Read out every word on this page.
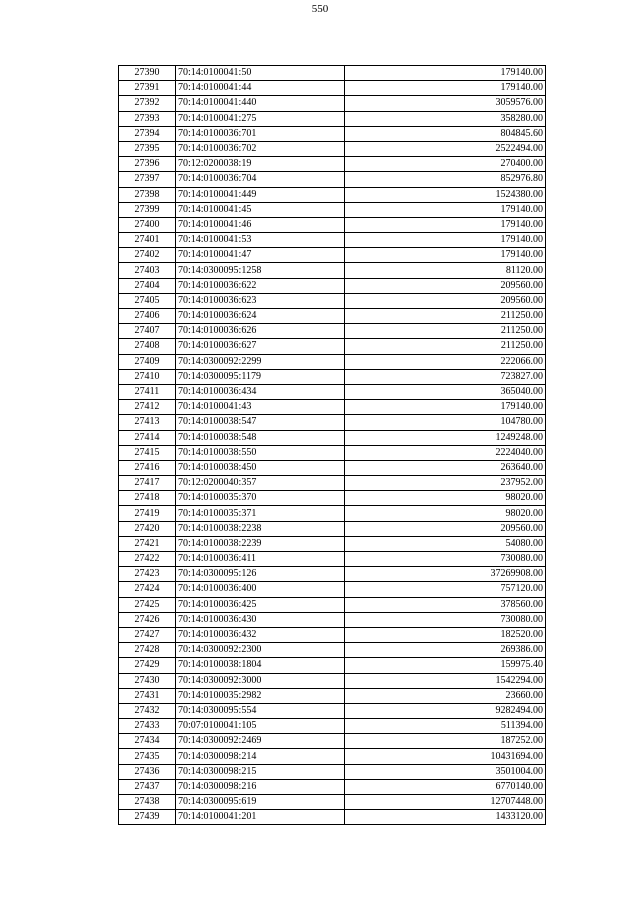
550
27390	70:14:0100041:50	179140.00
27391	70:14:0100041:44	179140.00
27392	70:14:0100041:440	3059576.00
27393	70:14:0100041:275	358280.00
27394	70:14:0100036:701	804845.60
27395	70:14:0100036:702	2522494.00
27396	70:12:0200038:19	270400.00
27397	70:14:0100036:704	852976.80
27398	70:14:0100041:449	1524380.00
27399	70:14:0100041:45	179140.00
27400	70:14:0100041:46	179140.00
27401	70:14:0100041:53	179140.00
27402	70:14:0100041:47	179140.00
27403	70:14:0300095:1258	81120.00
27404	70:14:0100036:622	209560.00
27405	70:14:0100036:623	209560.00
27406	70:14:0100036:624	211250.00
27407	70:14:0100036:626	211250.00
27408	70:14:0100036:627	211250.00
27409	70:14:0300092:2299	222066.00
27410	70:14:0300095:1179	723827.00
27411	70:14:0100036:434	365040.00
27412	70:14:0100041:43	179140.00
27413	70:14:0100038:547	104780.00
27414	70:14:0100038:548	1249248.00
27415	70:14:0100038:550	2224040.00
27416	70:14:0100038:450	263640.00
27417	70:12:0200040:357	237952.00
27418	70:14:0100035:370	98020.00
27419	70:14:0100035:371	98020.00
27420	70:14:0100038:2238	209560.00
27421	70:14:0100038:2239	54080.00
27422	70:14:0100036:411	730080.00
27423	70:14:0300095:126	37269908.00
27424	70:14:0100036:400	757120.00
27425	70:14:0100036:425	378560.00
27426	70:14:0100036:430	730080.00
27427	70:14:0100036:432	182520.00
27428	70:14:0300092:2300	269386.00
27429	70:14:0100038:1804	159975.40
27430	70:14:0300092:3000	1542294.00
27431	70:14:0100035:2982	23660.00
27432	70:14:0300095:554	9282494.00
27433	70:07:0100041:105	511394.00
27434	70:14:0300092:2469	187252.00
27435	70:14:0300098:214	10431694.00
27436	70:14:0300098:215	3501004.00
27437	70:14:0300098:216	6770140.00
27438	70:14:0300095:619	12707448.00
27439	70:14:0100041:201	1433120.00
